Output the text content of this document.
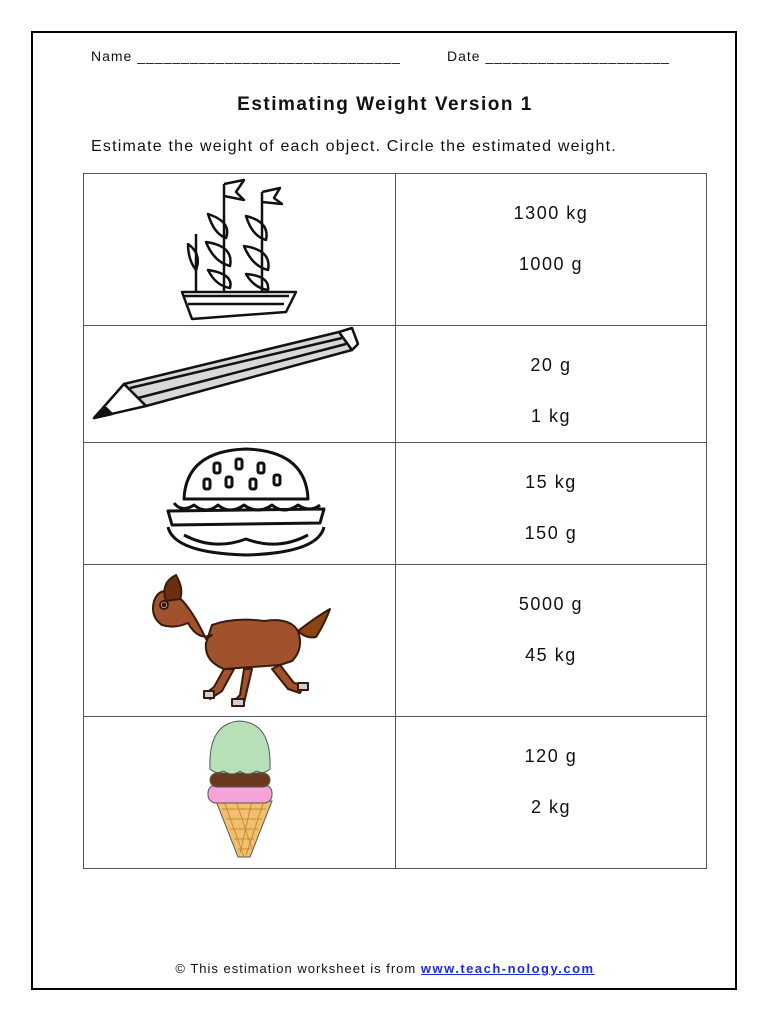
Name ______________________________	Date _____________________
Estimating Weight Version 1
Estimate the weight of each object. Circle the estimated weight.

1300 kg
1000 g

20 g
1 kg

15 kg
150 g

5000 g
45 kg

120 g
2 kg
© This estimation worksheet is from www.teach-nology.com
